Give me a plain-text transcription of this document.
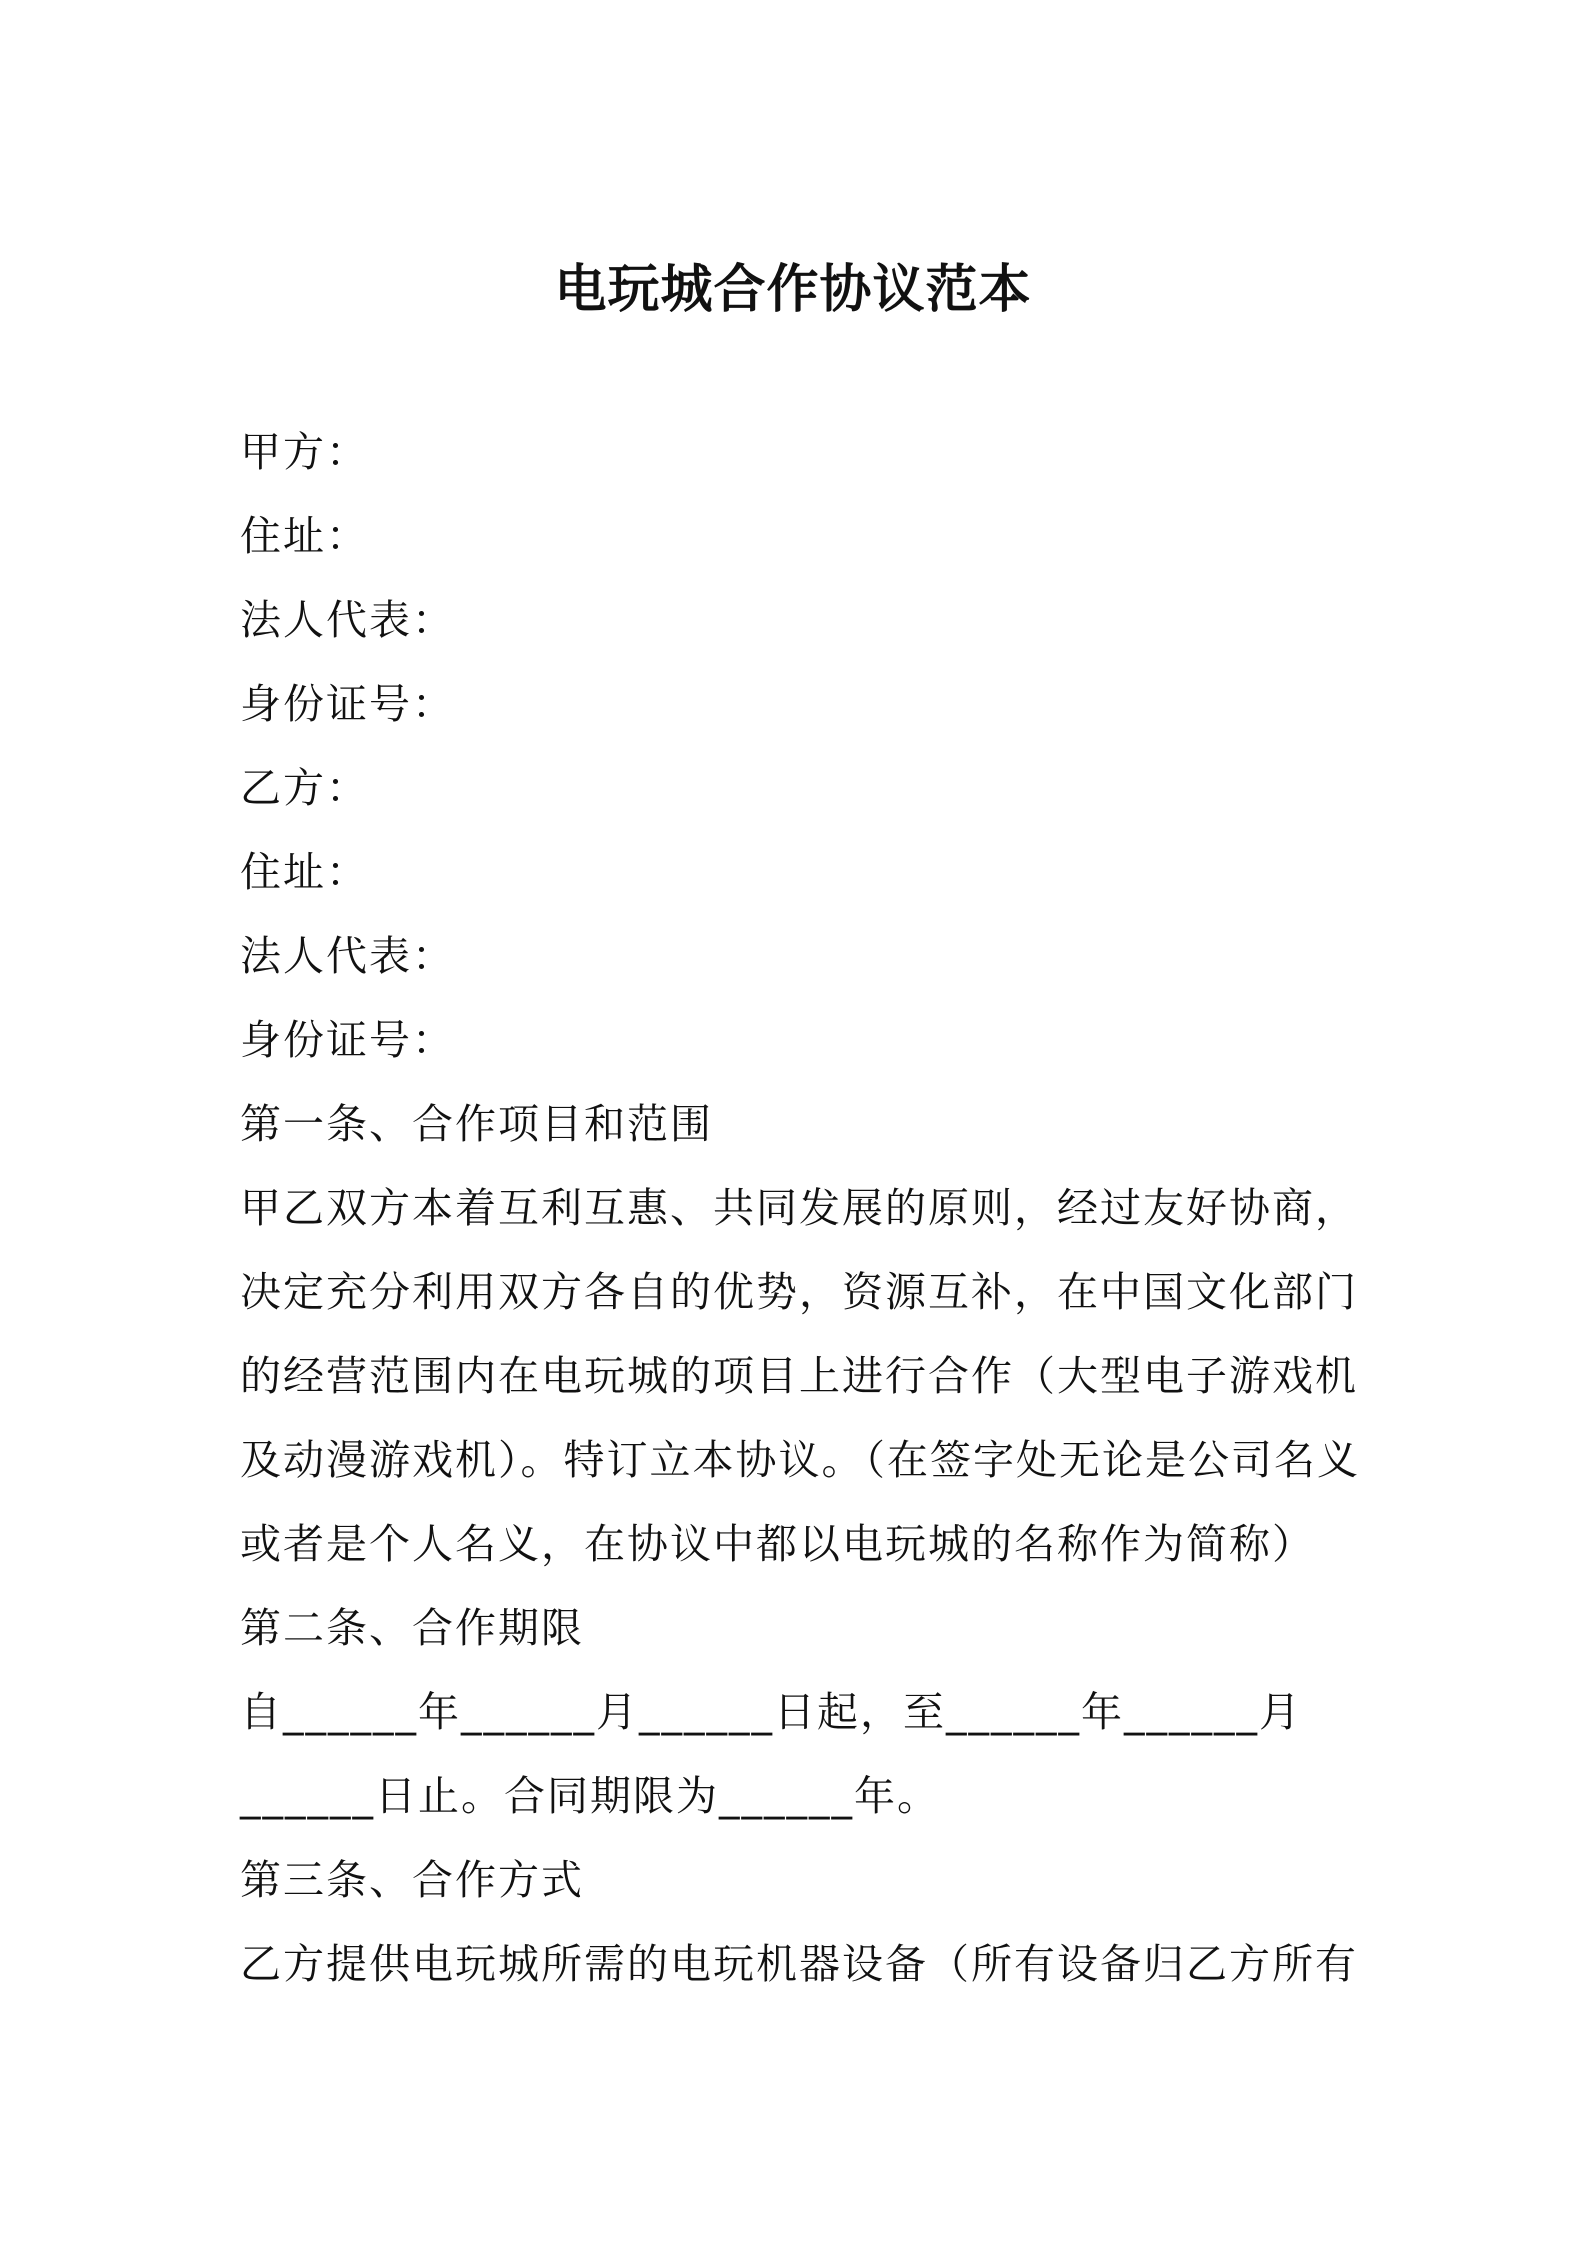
电玩城合作协议范本
甲方：
住址：
法人代表：
身份证号：
乙方：
住址：
法人代表：
身份证号：
第一条、合作项目和范围
甲乙双方本着互利互惠、共同发展的原则，经过友好协商，
决定充分利用双方各自的优势，资源互补，在中国文化部门
的经营范围内在电玩城的项目上进行合作（大型电子游戏机
及动漫游戏机）。特订立本协议。（在签字处无论是公司名义
或者是个人名义，在协议中都以电玩城的名称作为简称）
第二条、合作期限
自______年______月______日起，至______年______月
______日止。合同期限为______年。
第三条、合作方式
乙方提供电玩城所需的电玩机器设备（所有设备归乙方所有
